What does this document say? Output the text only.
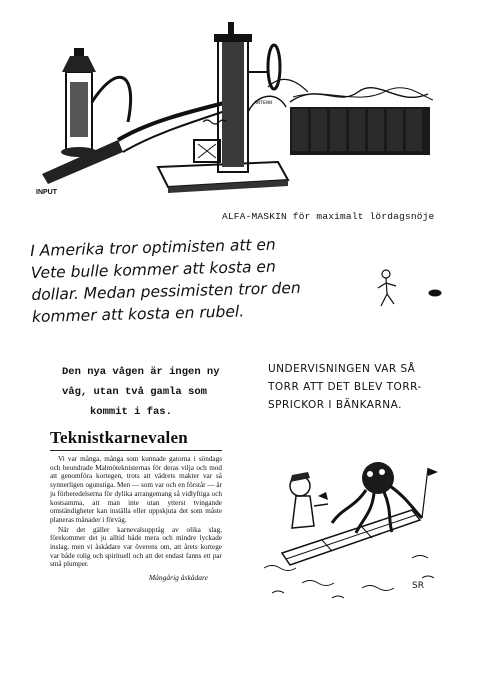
ANTENN
INPUT
ALFA-MASKIN för maximalt lördagsnöje
I Amerika tror optimisten att en
Vete bulle kommer att kosta en
dollar. Medan pessimisten tror den
kommer att kosta en rubel.
Den nya vågen är ingen ny
våg, utan två gamla som
kommit i fas.
UNDERVISNINGEN VAR SÅ
TORR ATT DET BLEV TORR-
SPRICKOR I BÄNKARNA.
Teknistkarnevalen

Vi var många, många som kunnade gatorna i söndags och beundrade Malmöteknisternas för deras vilja och mod att genomföra kortegen, trots att vädrets makter var så synnerligen ogunstiga. Men — som var och en förstår — är ju förberedelserna för dylika arrangemang så vidlyftiga och kostsamma, att man inte utan ytterst tvingande omständigheter kan inställa eller uppskjuta det som måste planeras månader i förväg.

När det gäller karnevalsupptåg av olika slag, förekommer det ju alltid både mera och mindre lyckade inslag, men vi åskådare var överens om, att årets kortege var både rolig och spirituell och att det endast fanns ett par små plumper.

Mångårig åskådare
SR
